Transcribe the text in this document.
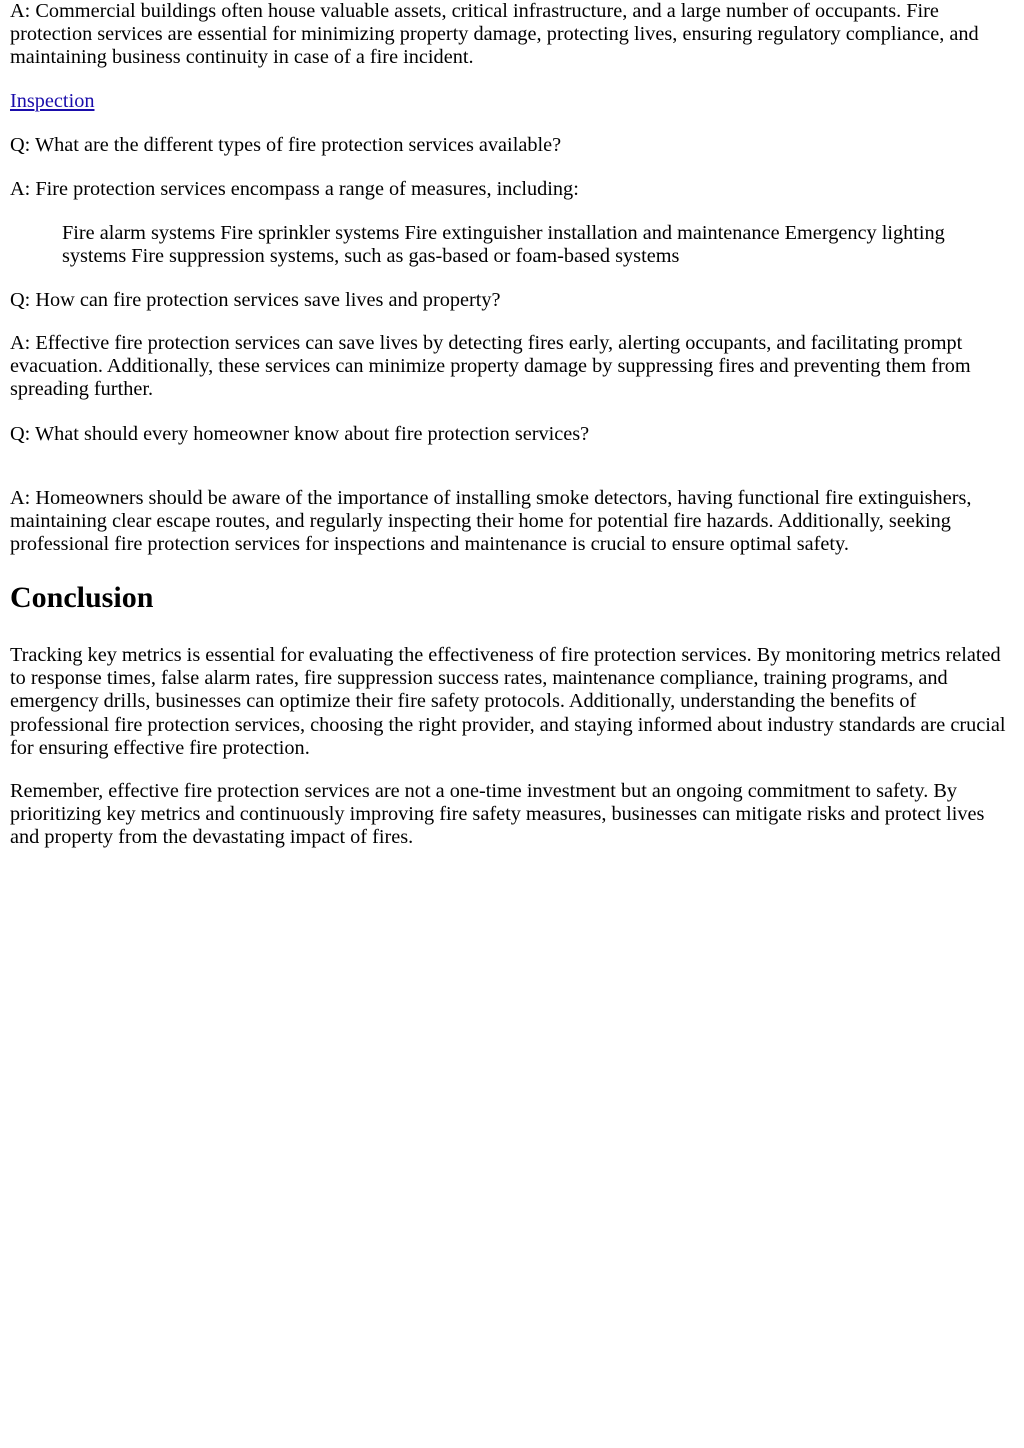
A: Commercial buildings often house valuable assets, critical infrastructure, and a large number of occupants. Fire protection services are essential for minimizing property damage, protecting lives, ensuring regulatory compliance, and maintaining business continuity in case of a fire incident.

Inspection

Q: What are the different types of fire protection services available?

A: Fire protection services encompass a range of measures, including:

Fire alarm systems Fire sprinkler systems Fire extinguisher installation and maintenance Emergency lighting systems Fire suppression systems, such as gas-based or foam-based systems

Q: How can fire protection services save lives and property?

A: Effective fire protection services can save lives by detecting fires early, alerting occupants, and facilitating prompt evacuation. Additionally, these services can minimize property damage by suppressing fires and preventing them from spreading further.

Q: What should every homeowner know about fire protection services?

A: Homeowners should be aware of the importance of installing smoke detectors, having functional fire extinguishers, maintaining clear escape routes, and regularly inspecting their home for potential fire hazards. Additionally, seeking professional fire protection services for inspections and maintenance is crucial to ensure optimal safety.

Conclusion

Tracking key metrics is essential for evaluating the effectiveness of fire protection services. By monitoring metrics related to response times, false alarm rates, fire suppression success rates, maintenance compliance, training programs, and emergency drills, businesses can optimize their fire safety protocols. Additionally, understanding the benefits of professional fire protection services, choosing the right provider, and staying informed about industry standards are crucial for ensuring effective fire protection.

Remember, effective fire protection services are not a one-time investment but an ongoing commitment to safety. By prioritizing key metrics and continuously improving fire safety measures, businesses can mitigate risks and protect lives and property from the devastating impact of fires.
